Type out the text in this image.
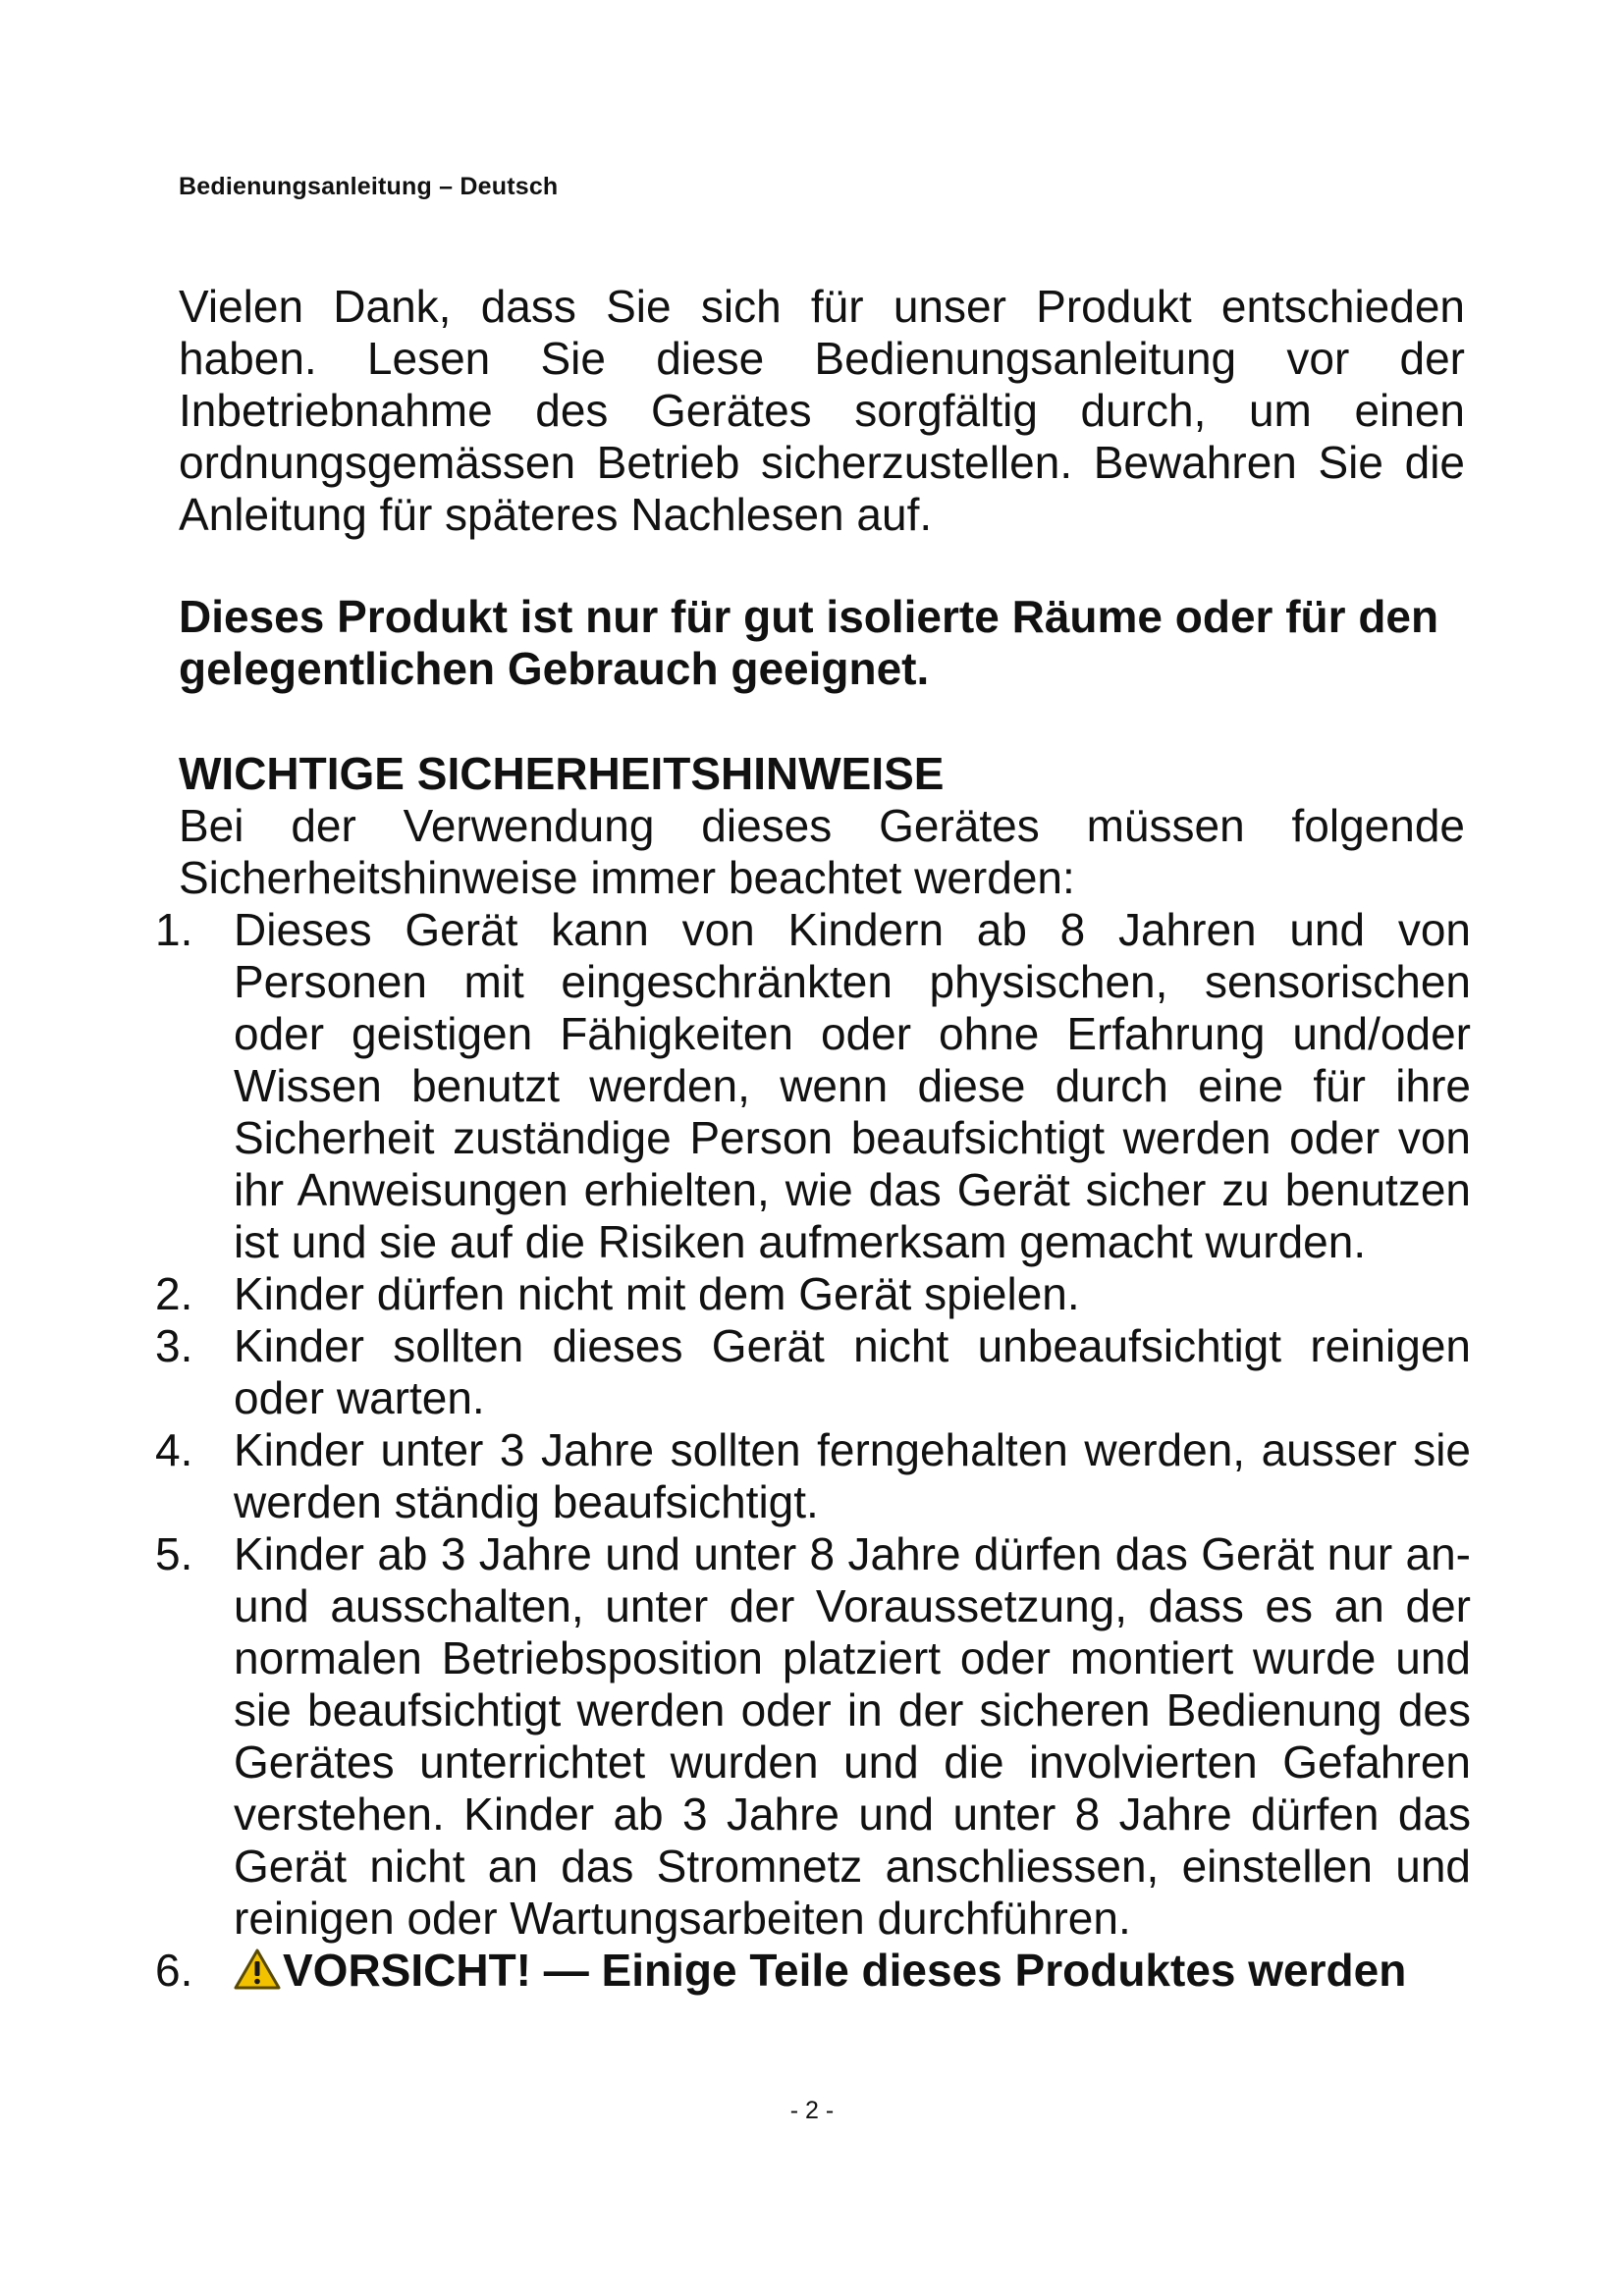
Bedienungsanleitung – Deutsch
Vielen Dank, dass Sie sich für unser Produkt entschieden haben. Lesen Sie diese Bedienungsanleitung vor der Inbetriebnahme des Gerätes sorgfältig durch, um einen ordnungsgemässen Betrieb sicherzustellen. Bewahren Sie die Anleitung für späteres Nachlesen auf.
Dieses Produkt ist nur für gut isolierte Räume oder für den gelegentlichen Gebrauch geeignet.
WICHTIGE SICHERHEITSHINWEISE
Bei der Verwendung dieses Gerätes müssen folgende Sicherheitshinweise immer beachtet werden:
1. Dieses Gerät kann von Kindern ab 8 Jahren und von Personen mit eingeschränkten physischen, sensorischen oder geistigen Fähigkeiten oder ohne Erfahrung und/oder Wissen benutzt werden, wenn diese durch eine für ihre Sicherheit zuständige Person beaufsichtigt werden oder von ihr Anweisungen erhielten, wie das Gerät sicher zu benutzen ist und sie auf die Risiken aufmerksam gemacht wurden.
2. Kinder dürfen nicht mit dem Gerät spielen.
3. Kinder sollten dieses Gerät nicht unbeaufsichtigt reinigen oder warten.
4. Kinder unter 3 Jahre sollten ferngehalten werden, ausser sie werden ständig beaufsichtigt.
5. Kinder ab 3 Jahre und unter 8 Jahre dürfen das Gerät nur an- und ausschalten, unter der Voraussetzung, dass es an der normalen Betriebsposition platziert oder montiert wurde und sie beaufsichtigt werden oder in der sicheren Bedienung des Gerätes unterrichtet wurden und die involvierten Gefahren verstehen. Kinder ab 3 Jahre und unter 8 Jahre dürfen das Gerät nicht an das Stromnetz anschliessen, einstellen und reinigen oder Wartungsarbeiten durchführen.
6.	VORSICHT! — Einige Teile dieses Produktes werden
- 2 -
